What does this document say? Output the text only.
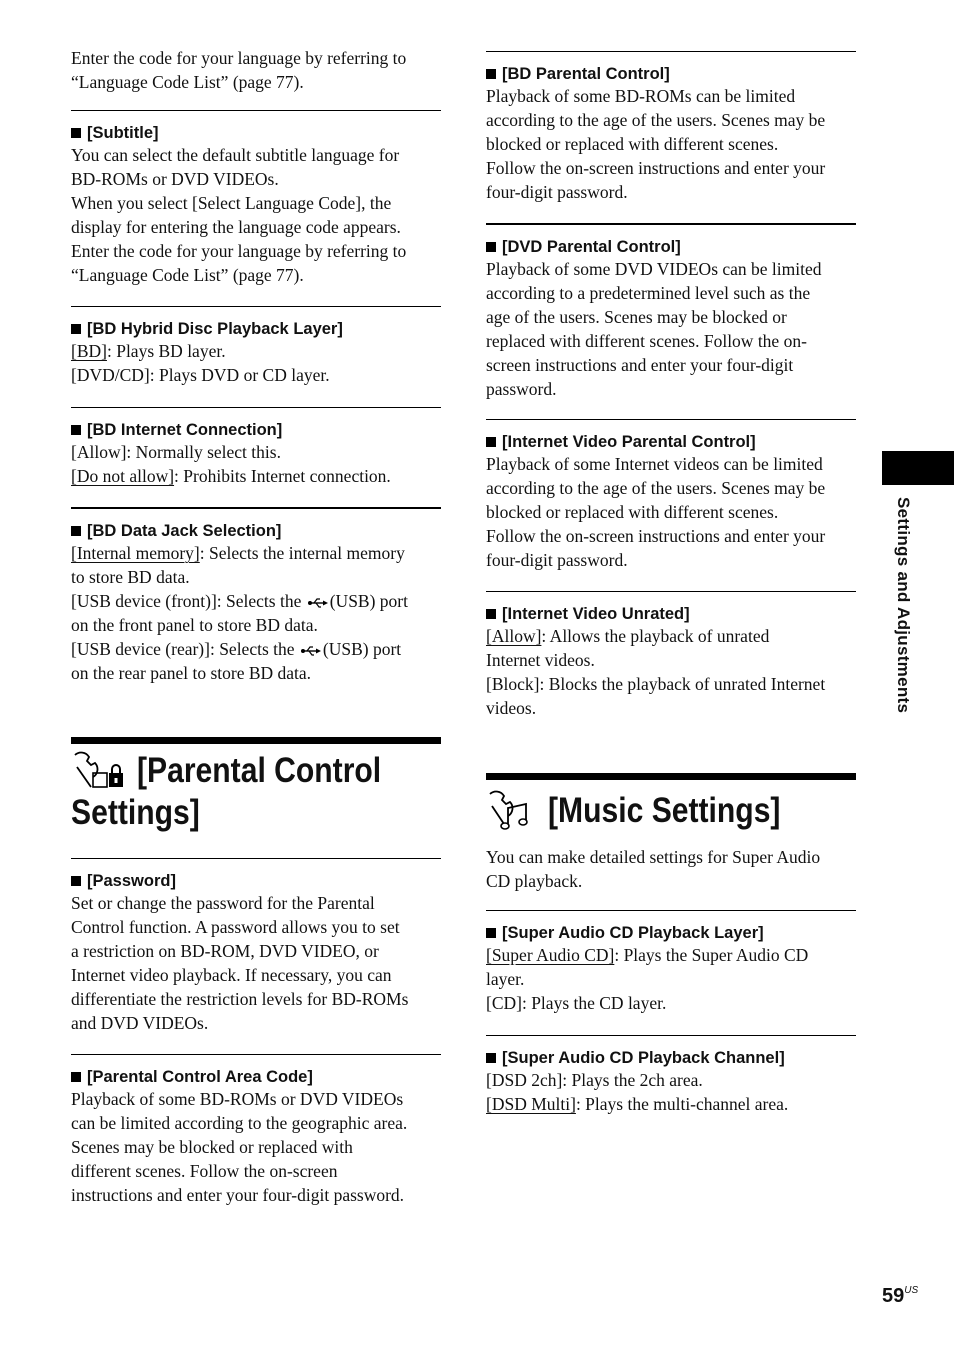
Enter the code for your language by referring to

“Language Code List” (page 77).

[Subtitle]

You can select the default subtitle language for

BD-ROMs or DVD VIDEOs.

When you select [Select Language Code], the

display for entering the language code appears.

Enter the code for your language by referring to

“Language Code List” (page 77).

[BD Hybrid Disc Playback Layer]

[BD]: Plays BD layer.

[DVD/CD]: Plays DVD or CD layer.

[BD Internet Connection]

[Allow]: Normally select this.

[Do not allow]: Prohibits Internet connection.

[BD Data Jack Selection]

[Internal memory]: Selects the internal memory

to store BD data.

[USB device (front)]: Selects the (USB) port

on the front panel to store BD data.

[USB device (rear)]: Selects the (USB) port

on the rear panel to store BD data.

[Parental Control
Settings]
[Password]

Set or change the password for the Parental

Control function. A password allows you to set

a restriction on BD-ROM, DVD VIDEO, or

Internet video playback. If necessary, you can

differentiate the restriction levels for BD-ROMs

and DVD VIDEOs.

[Parental Control Area Code]

Playback of some BD-ROMs or DVD VIDEOs

can be limited according to the geographic area.

Scenes may be blocked or replaced with

different scenes. Follow the on-screen

instructions and enter your four-digit password.

[BD Parental Control]

Playback of some BD-ROMs can be limited

according to the age of the users. Scenes may be

blocked or replaced with different scenes.

Follow the on-screen instructions and enter your

four-digit password.

[DVD Parental Control]

Playback of some DVD VIDEOs can be limited

according to a predetermined level such as the

age of the users. Scenes may be blocked or

replaced with different scenes. Follow the on-

screen instructions and enter your four-digit

password.

[Internet Video Parental Control]

Playback of some Internet videos can be limited

according to the age of the users. Scenes may be

blocked or replaced with different scenes.

Follow the on-screen instructions and enter your

four-digit password.

[Internet Video Unrated]

[Allow]: Allows the playback of unrated

Internet videos.

[Block]: Blocks the playback of unrated Internet

videos.

[Music Settings]

You can make detailed settings for Super Audio

CD playback.

[Super Audio CD Playback Layer]

[Super Audio CD]: Plays the Super Audio CD

layer.

[CD]: Plays the CD layer.

[Super Audio CD Playback Channel]

[DSD 2ch]: Plays the 2ch area.

[DSD Multi]: Plays the multi-channel area.

Settings and Adjustments
$59^{US}$
